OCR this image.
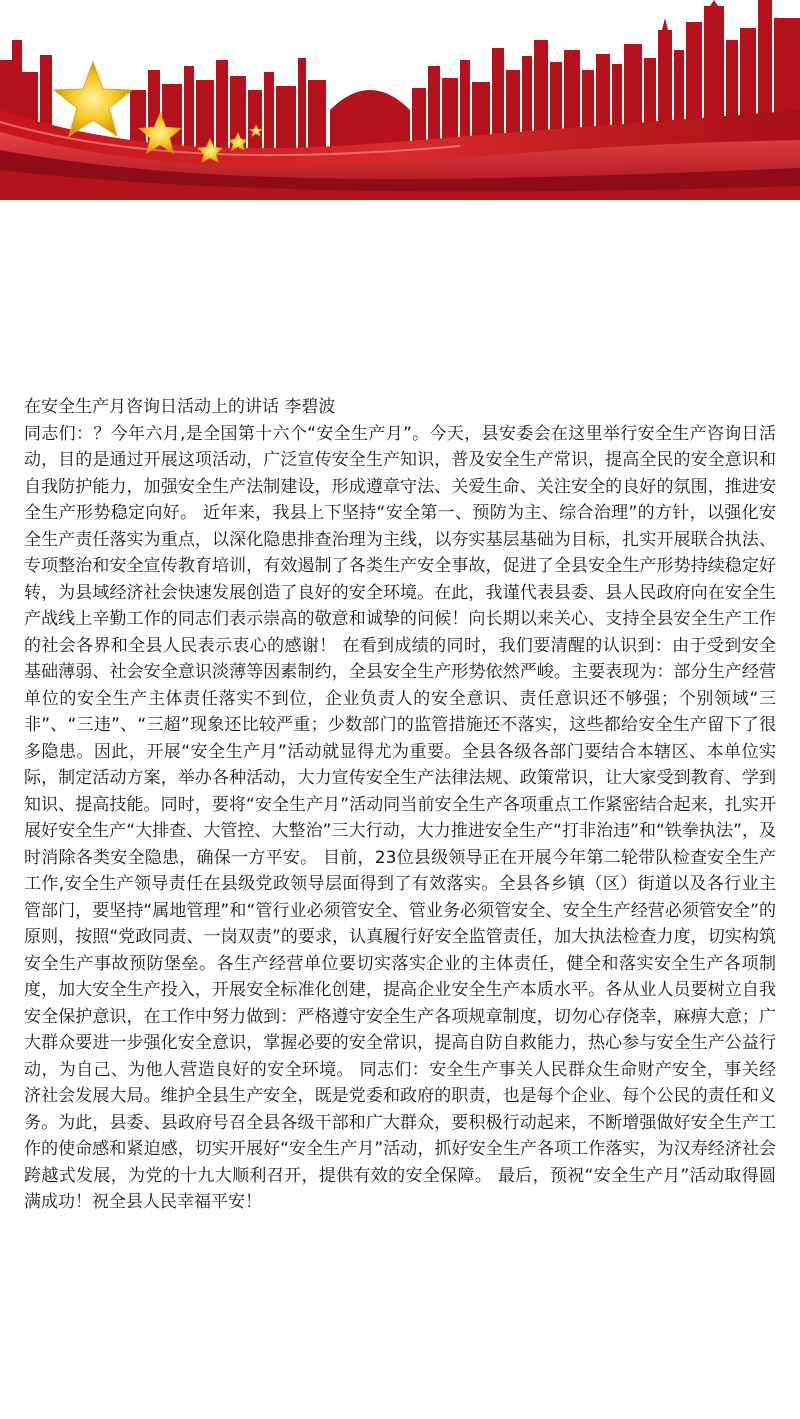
在安全生产月咨询日活动上的讲话 李碧波

同志们：？今年六月,是全国第十六个“安全生产月”。今天，县安委会在这里举行安全生产咨询日活动，目的是通过开展这项活动，广泛宣传安全生产知识，普及安全生产常识，提高全民的安全意识和自我防护能力，加强安全生产法制建设，形成遵章守法、关爱生命、关注安全的良好的氛围，推进安全生产形势稳定向好。 近年来，我县上下坚持“安全第一、预防为主、综合治理”的方针，以强化安全生产责任落实为重点，以深化隐患排查治理为主线，以夯实基层基础为目标，扎实开展联合执法、专项整治和安全宣传教育培训，有效遏制了各类生产安全事故，促进了全县安全生产形势持续稳定好转，为县域经济社会快速发展创造了良好的安全环境。在此，我谨代表县委、县人民政府向在安全生产战线上辛勤工作的同志们表示崇高的敬意和诚挚的问候！向长期以来关心、支持全县安全生产工作的社会各界和全县人民表示衷心的感谢！ 在看到成绩的同时，我们要清醒的认识到：由于受到安全基础薄弱、社会安全意识淡薄等因素制约，全县安全生产形势依然严峻。主要表现为：部分生产经营单位的安全生产主体责任落实不到位，企业负责人的安全意识、责任意识还不够强；个别领域“三非”、“三违”、“三超”现象还比较严重；少数部门的监管措施还不落实，这些都给安全生产留下了很多隐患。因此，开展“安全生产月”活动就显得尤为重要。全县各级各部门要结合本辖区、本单位实际，制定活动方案，举办各种活动，大力宣传安全生产法律法规、政策常识，让大家受到教育、学到知识、提高技能。同时，要将“安全生产月”活动同当前安全生产各项重点工作紧密结合起来，扎实开展好安全生产“大排查、大管控、大整治”三大行动，大力推进安全生产“打非治违”和“铁拳执法”，及时消除各类安全隐患，确保一方平安。 目前，23位县级领导正在开展今年第二轮带队检查安全生产工作,安全生产领导责任在县级党政领导层面得到了有效落实。全县各乡镇（区）街道以及各行业主管部门，要坚持“属地管理”和“管行业必须管安全、管业务必须管安全、安全生产经营必须管安全”的原则，按照“党政同责、一岗双责”的要求，认真履行好安全监管责任，加大执法检查力度，切实构筑安全生产事故预防堡垒。各生产经营单位要切实落实企业的主体责任，健全和落实安全生产各项制度，加大安全生产投入，开展安全标准化创建，提高企业安全生产本质水平。各从业人员要树立自我安全保护意识，在工作中努力做到：严格遵守安全生产各项规章制度，切勿心存侥幸，麻痹大意；广大群众要进一步强化安全意识，掌握必要的安全常识，提高自防自救能力，热心参与安全生产公益行动，为自己、为他人营造良好的安全环境。 同志们：安全生产事关人民群众生命财产安全，事关经济社会发展大局。维护全县生产安全，既是党委和政府的职责，也是每个企业、每个公民的责任和义务。为此，县委、县政府号召全县各级干部和广大群众，要积极行动起来，不断增强做好安全生产工作的使命感和紧迫感，切实开展好“安全生产月”活动，抓好安全生产各项工作落实，为汉寿经济社会跨越式发展，为党的十九大顺利召开，提供有效的安全保障。 最后，预祝“安全生产月”活动取得圆满成功！祝全县人民幸福平安！
